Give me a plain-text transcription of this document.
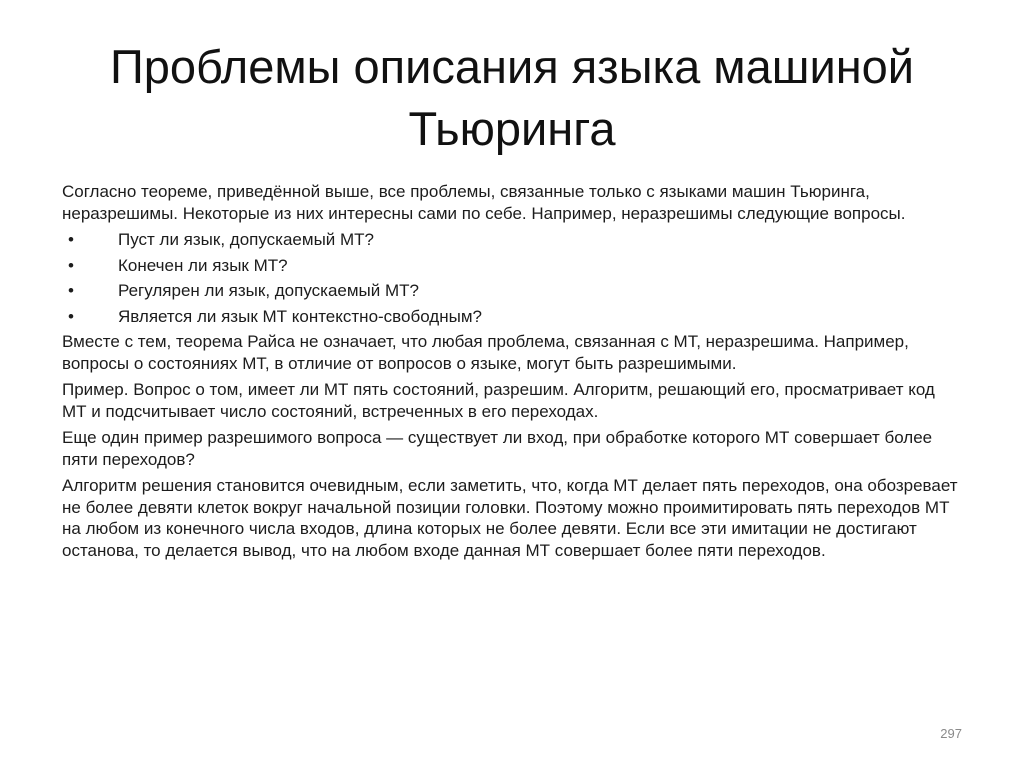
Проблемы описания языка машиной
Тьюринга

Согласно теореме, приведённой выше, все проблемы, связанные только с языками машин Тьюринга, неразрешимы. Некоторые из них интересны сами по себе. Например, неразрешимы следующие вопросы.

•	Пуст ли язык, допускаемый МТ?
•	Конечен ли язык МТ?
•	Регулярен ли язык, допускаемый МТ?
•	Является ли язык МТ контекстно-свободным?

Вместе с тем, теорема Райса не означает, что любая проблема, связанная с МТ, неразрешима. Например, вопросы о состояниях МТ, в отличие от вопросов о языке, могут быть разрешимыми.

Пример. Вопрос о том, имеет ли МТ пять состояний, разрешим. Алгоритм, решающий его, просматривает код МТ и подсчитывает число состояний, встреченных в его переходах.

Еще один пример разрешимого вопроса — существует ли вход, при обработке которого МТ совершает более пяти переходов?

Алгоритм решения становится очевидным, если заметить, что, когда МТ делает пять переходов, она обозревает не более девяти клеток вокруг начальной позиции головки. Поэтому можно проимитировать пять переходов МТ на любом из конечного числа входов, длина которых не более девяти. Если все эти имитации не достигают останова, то делается вывод, что на любом входе данная МТ совершает более пяти переходов.

297
